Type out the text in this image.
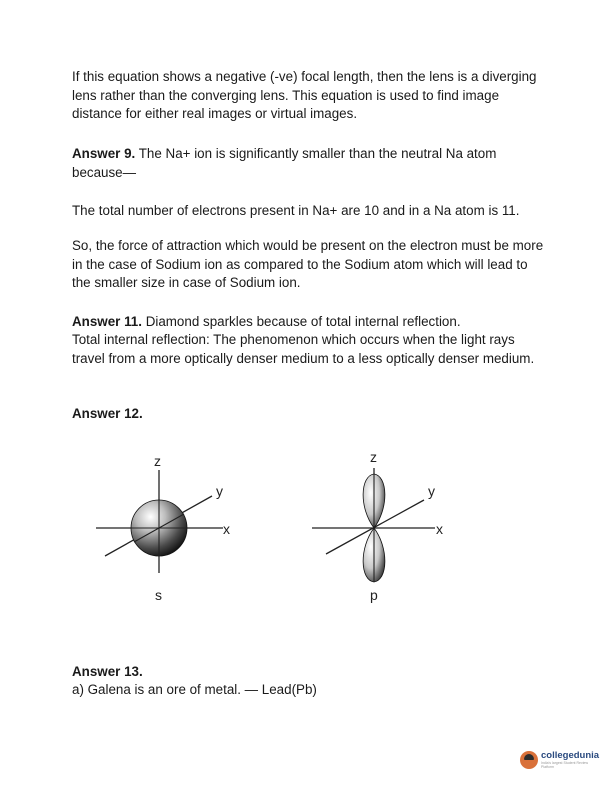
If this equation shows a negative (-ve) focal length, then the lens is a diverging lens rather than the converging lens. This equation is used to find image distance for either real images or virtual images.

Answer 9. The Na+ ion is significantly smaller than the neutral Na atom because—

The total number of electrons present in Na+ are 10 and in a Na atom is 11.

So, the force of attraction which would be present on the electron must be more in the case of Sodium ion as compared to the Sodium atom which will lead to the smaller size in case of Sodium ion.

Answer 11. Diamond sparkles because of total internal reflection.

Total internal reflection: The phenomenon which occurs when the light rays travel from a more optically denser medium to a less optically denser medium.

Answer 12.

z
y
x
s
z
y
x
p

Answer 13.

a) Galena is an ore of metal. — Lead(Pb)

collegedunia
India's largest Student Review Platform
